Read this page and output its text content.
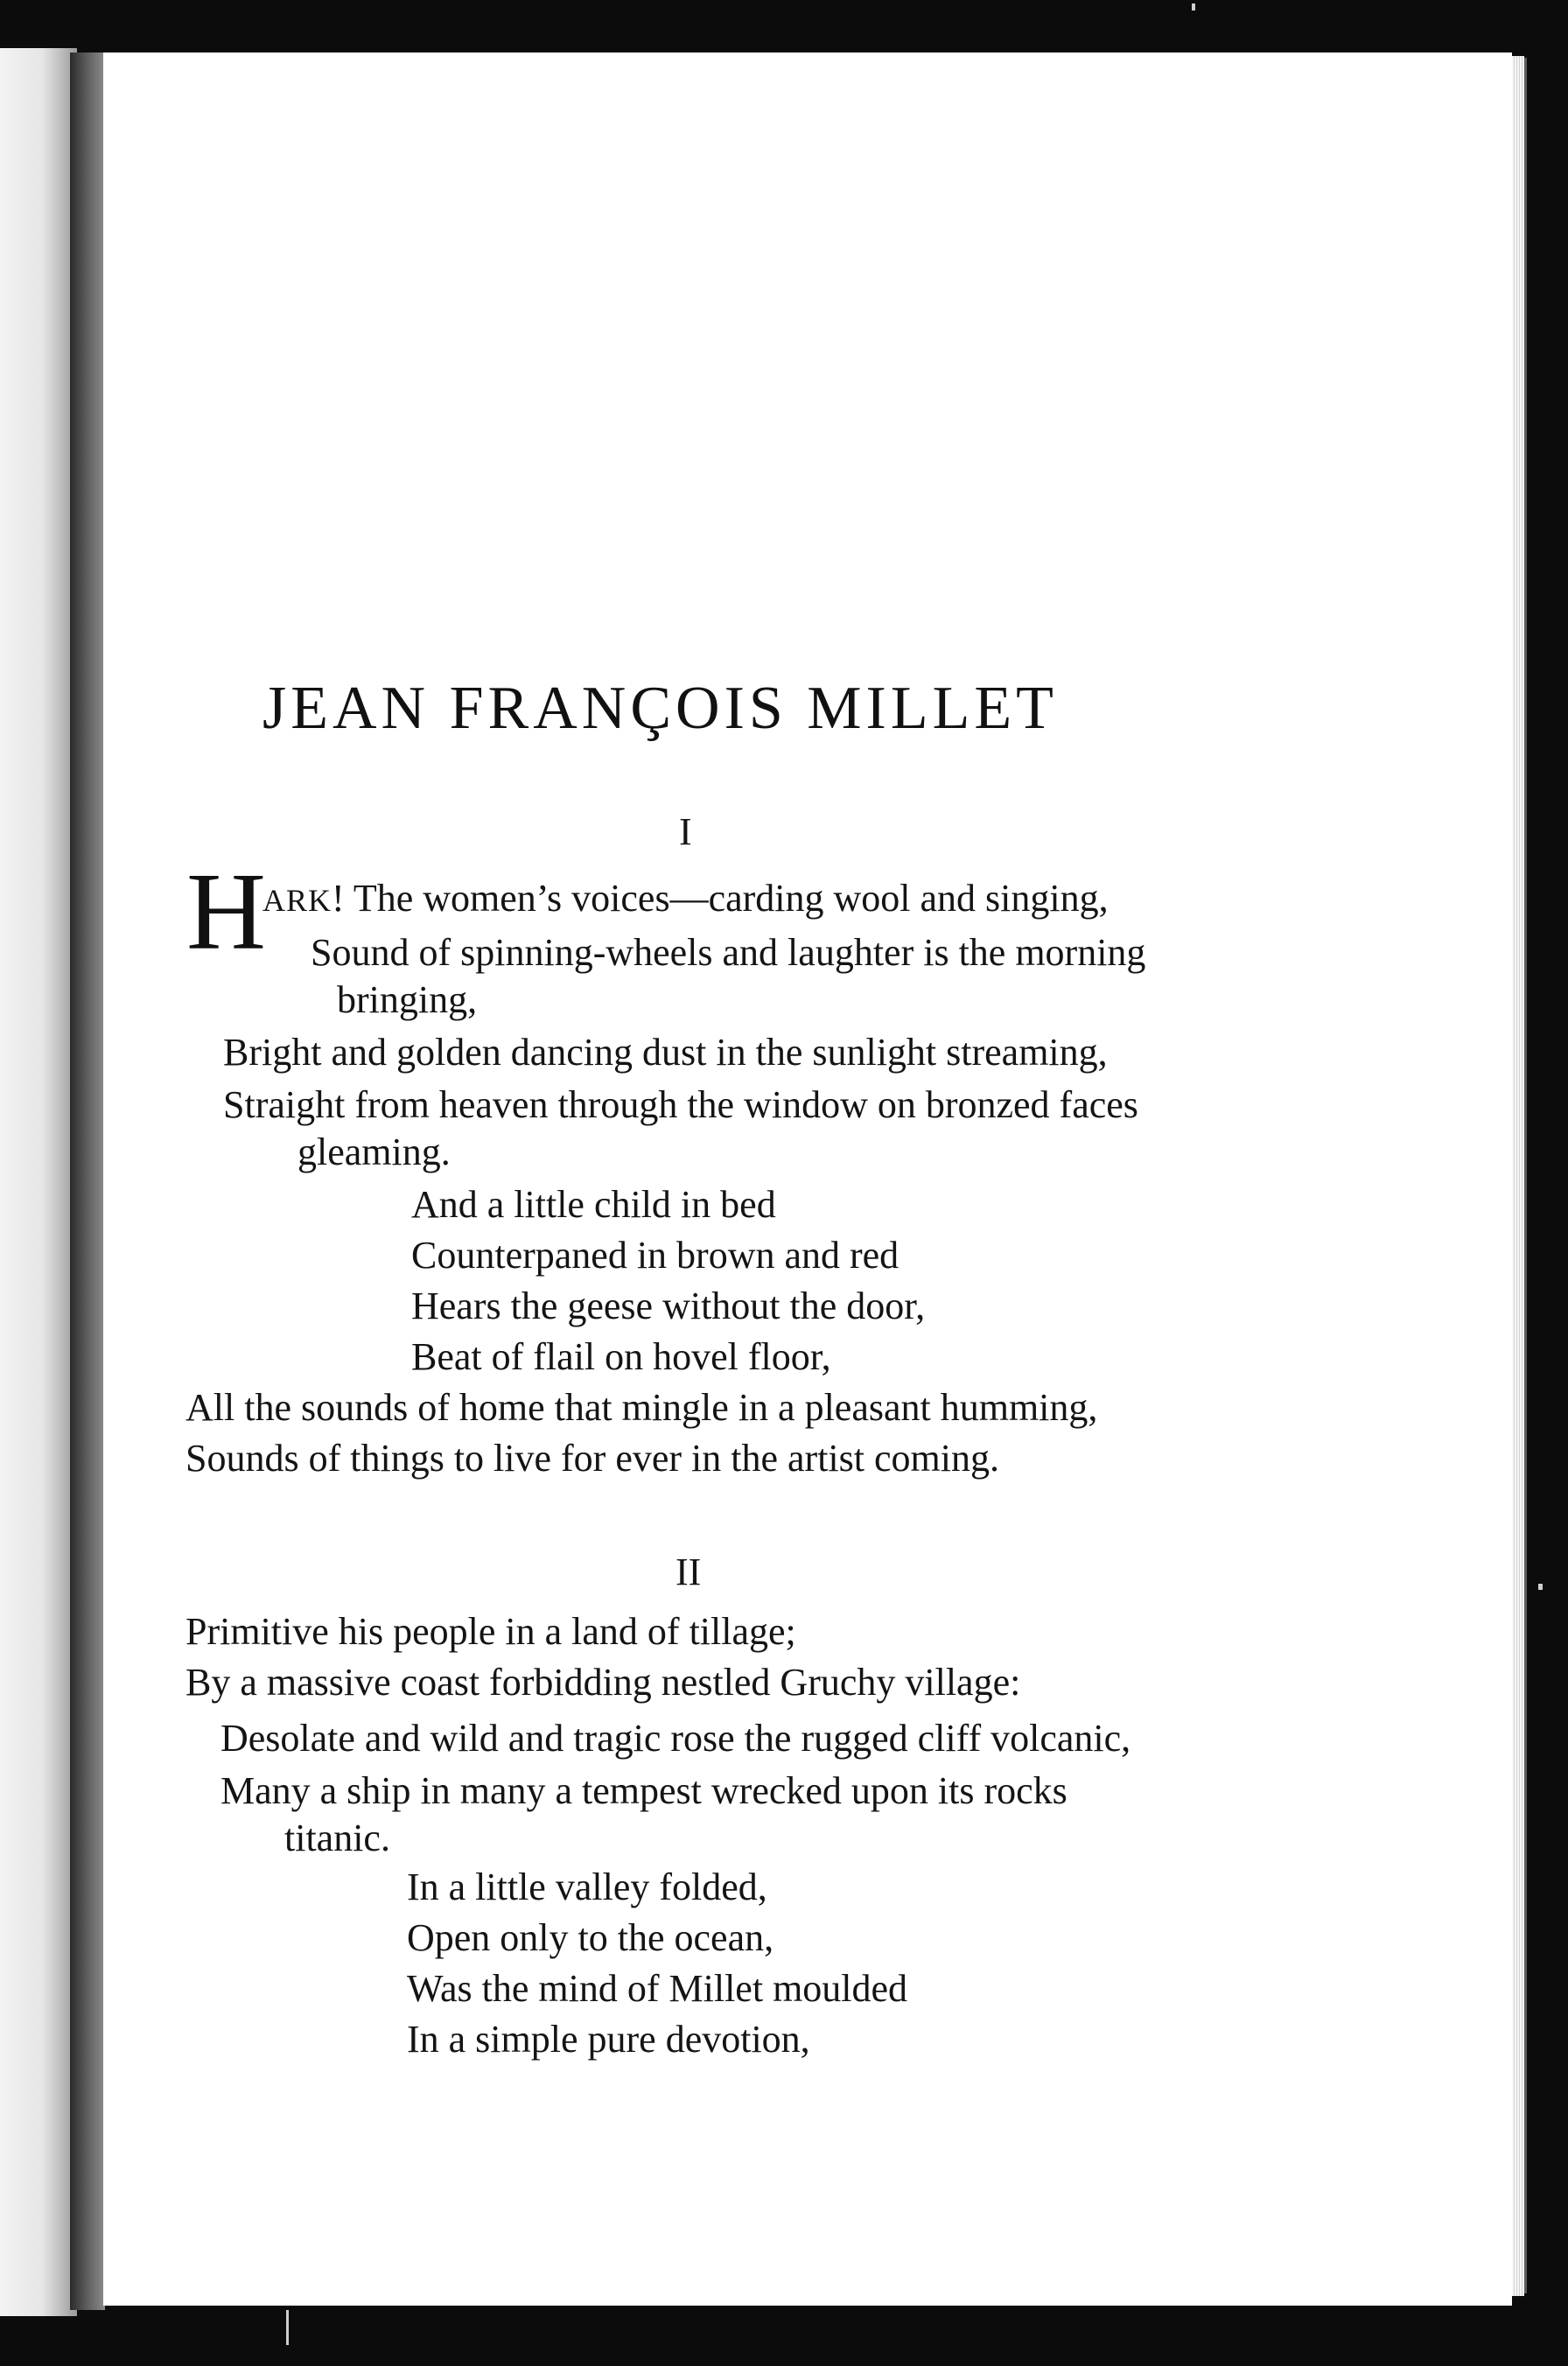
JEAN FRANÇOIS MILLET
I
H
ARK! The women’s voices—carding wool and singing,
Sound of spinning-wheels and laughter is the morning
bringing,
Bright and golden dancing dust in the sunlight streaming,
Straight from heaven through the window on bronzed faces
gleaming.
And a little child in bed
Counterpaned in brown and red
Hears the geese without the door,
Beat of flail on hovel floor,
All the sounds of home that mingle in a pleasant humming,
Sounds of things to live for ever in the artist coming.
II
Primitive his people in a land of tillage;
By a massive coast forbidding nestled Gruchy village:
Desolate and wild and tragic rose the rugged cliff volcanic,
Many a ship in many a tempest wrecked upon its rocks
titanic.
In a little valley folded,
Open only to the ocean,
Was the mind of Millet moulded
In a simple pure devotion,
